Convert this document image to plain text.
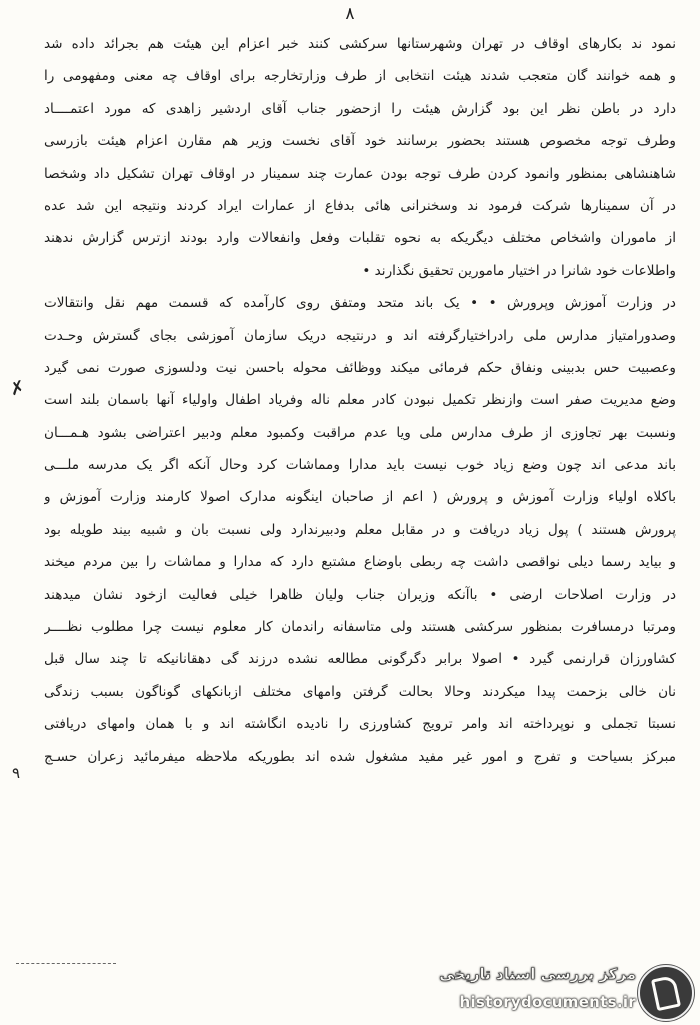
۸
✗
۹
نمود ند بکارهای اوقاف در تهران وشهرستانها سرکشی کنند خبر اعزام این هیئت هم بجرائد داده شد
و همه خوانند گان متعجب شدند هیئت انتخابی از طرف وزارتخارجه برای اوقاف چه معنی ومفهومی را
دارد در باطن نظر این بود گزارش هیئت را ازحضور جناب آقای اردشیر زاهدی که مورد اعتمــــاد
وطرف توجه مخصوص هستند بحضور برسانند خود آقای نخست وزیر هم مقارن اعزام هیئت بازرسی
شاهنشاهی بمنظور وانمود کردن طرف توجه بودن عمارت چند سمینار در اوقاف تهران تشکیل داد وشخصا
در آن سمینارها شرکت فرمود ند وسخنرانی هائی بدفاع از عمارات ایراد کردند ونتیجه این شد عده
از ماموران واشخاص مختلف دیگریکه به نحوه تقلبات وفعل وانفعالات وارد بودند ازترس گزارش ندهند
واطلاعات خود شانرا در اختیار مامورین تحقیق نگذارند •
در وزارت آموزش وپرورش • • یک باند متحد ومتفق روی کارآمده که قسمت مهم نقل وانتقالات
وصدورامتیاز مدارس ملی رادراختیارگرفته اند و درنتیجه دریک سازمان آموزشی بجای گسترش وحـدت
وعصبیت حس بدبینی ونفاق حکم فرمائی میکند ووظائف محوله باحسن نیت ودلسوزی صورت نمی گیرد
وضع مدیریت صفر است وازنظر تکمیل نبودن کادر معلم ناله وفریاد اطفال واولیاء آنها باسمان بلند است
ونسبت بهر تجاوزی از طرف مدارس ملی ویا عدم مراقبت وکمبود معلم ودبیر اعتراضی بشود هـمـــان
باند مدعی اند چون وضع زیاد خوب نیست باید مدارا ومماشات کرد وحال آنکه اگر یک مدرسه ملـــی
باکلاه اولیاء وزارت آموزش و پرورش ( اعم از صاحبان اینگونه مدارک اصولا کارمند وزارت آموزش و
پرورش هستند ) پول زیاد دریافت و در مقابل معلم ودبیرندارد ولی نسبت بان و شبیه بیند طویله بود
و بیاید رسما دیلی نواقصی داشت چه ربطی باوضاع مشتبع دارد که مدارا و مماشات را بین مردم میخند
در وزارت اصلاحات ارضی • باآنکه وزیران جناب ولیان ظاهرا خیلی فعالیت ازخود نشان میدهند
ومرتبا درمسافرت بمنظور سرکشی هستند ولی متاسفانه راندمان کار معلوم نیست چرا مطلوب نظــــر
کشاورزان قرارنمی گیرد • اصولا برابر دگرگونی مطالعه نشده درزند گی دهقانانیکه تا چند سال قبل
نان خالی بزحمت پیدا میکردند وحالا بحالت گرفتن وامهای مختلف ازبانکهای گوناگون بسبب زندگی
نسبتا تجملی و نوپرداخته اند وامر ترویج کشاورزی را نادیده انگاشته اند و با همان وامهای دریافتی
مبرکز بسیاحت و تفرج و امور غیر مفید مشغول شده اند بطوریکه ملاحظه میفرمائید زعران حسـج
مرکز بررسی اسناد تاریخی
historydocuments.ir
